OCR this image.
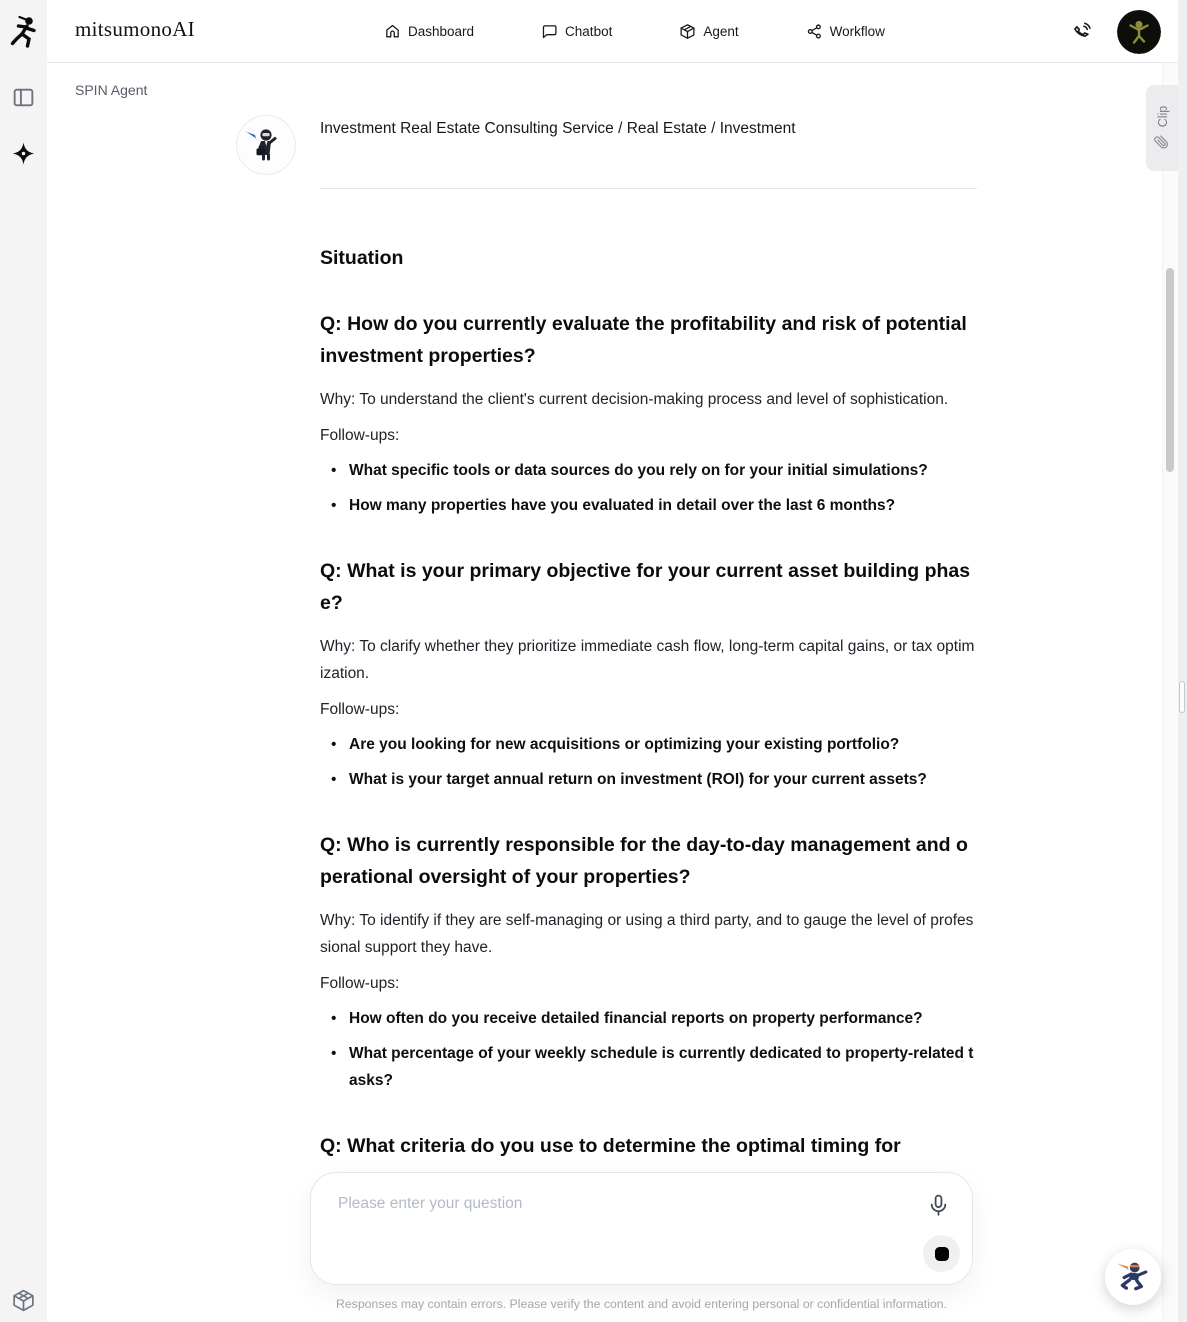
mitsumonoAI	Dashboard	Chatbot	Agent	Workflow
SPIN Agent
Clip
Investment Real Estate Consulting Service / Real Estate / Investment
Situation
Q: How do you currently evaluate the profitability and risk of potential investment properties?
Why: To understand the client's current decision-making process and level of sophistication.
Follow-ups:
• What specific tools or data sources do you rely on for your initial simulations?
• How many properties have you evaluated in detail over the last 6 months?
Q: What is your primary objective for your current asset building phase?
Why: To clarify whether they prioritize immediate cash flow, long-term capital gains, or tax optimization.
Follow-ups:
• Are you looking for new acquisitions or optimizing your existing portfolio?
• What is your target annual return on investment (ROI) for your current assets?
Q: Who is currently responsible for the day-to-day management and operational oversight of your properties?
Why: To identify if they are self-managing or using a third party, and to gauge the level of professional support they have.
Follow-ups:
• How often do you receive detailed financial reports on property performance?
• What percentage of your weekly schedule is currently dedicated to property-related tasks?
Q: What criteria do you use to determine the optimal timing for
Please enter your question
Responses may contain errors. Please verify the content and avoid entering personal or confidential information.
